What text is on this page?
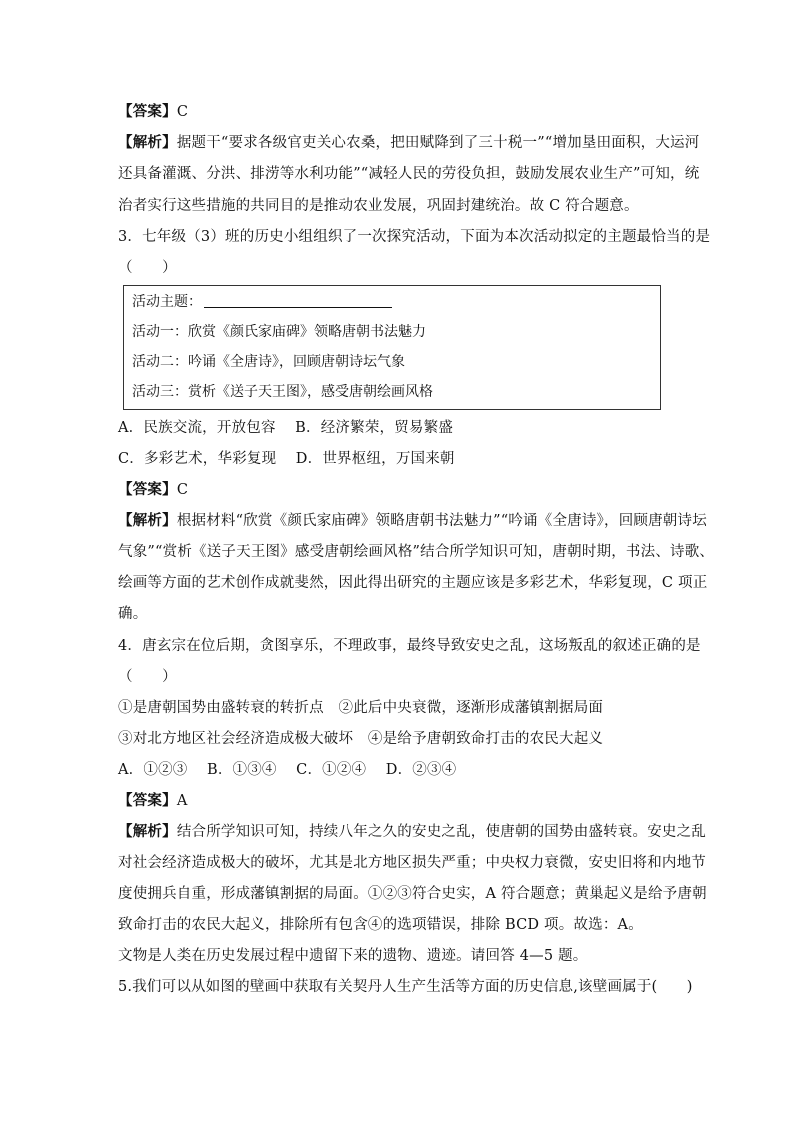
【答案】C
【解析】据题干“要求各级官吏关心农桑，把田赋降到了三十税一”“增加垦田面积，大运河
还具备灌溉、分洪、排涝等水利功能”“减轻人民的劳役负担，鼓励发展农业生产”可知，统
治者实行这些措施的共同目的是推动农业发展，巩固封建统治。故 C 符合题意。
3．七年级（3）班的历史小组组织了一次探究活动，下面为本次活动拟定的主题最恰当的是
（　　）
活动主题：
活动一：欣赏《颜氏家庙碑》领略唐朝书法魅力
活动二：吟诵《全唐诗》，回顾唐朝诗坛气象
活动三：赏析《送子天王图》，感受唐朝绘画风格
A．民族交流，开放包容　 B．经济繁荣，贸易繁盛
C．多彩艺术，华彩复现　 D．世界枢纽，万国来朝
【答案】C
【解析】根据材料“欣赏《颜氏家庙碑》领略唐朝书法魅力”“吟诵《全唐诗》，回顾唐朝诗坛
气象”“赏析《送子天王图》感受唐朝绘画风格”结合所学知识可知，唐朝时期，书法、诗歌、
绘画等方面的艺术创作成就斐然，因此得出研究的主题应该是多彩艺术，华彩复现，C 项正
确。
4．唐玄宗在位后期，贪图享乐，不理政事，最终导致安史之乱，这场叛乱的叙述正确的是
（　　）
①是唐朝国势由盛转衰的转折点　②此后中央衰微，逐渐形成藩镇割据局面
③对北方地区社会经济造成极大破坏　④是给予唐朝致命打击的农民大起义
A．①②③　 B．①③④　 C．①②④　 D．②③④
【答案】A
【解析】结合所学知识可知，持续八年之久的安史之乱，使唐朝的国势由盛转衰。安史之乱
对社会经济造成极大的破坏，尤其是北方地区损失严重；中央权力衰微，安史旧将和内地节
度使拥兵自重，形成藩镇割据的局面。①②③符合史实，A 符合题意；黄巢起义是给予唐朝
致命打击的农民大起义，排除所有包含④的选项错误，排除 BCD 项。故选：A。
文物是人类在历史发展过程中遗留下来的遗物、遗迹。请回答 4—5 题。
5.我们可以从如图的壁画中获取有关契丹人生产生活等方面的历史信息,该壁画属于(　　)
